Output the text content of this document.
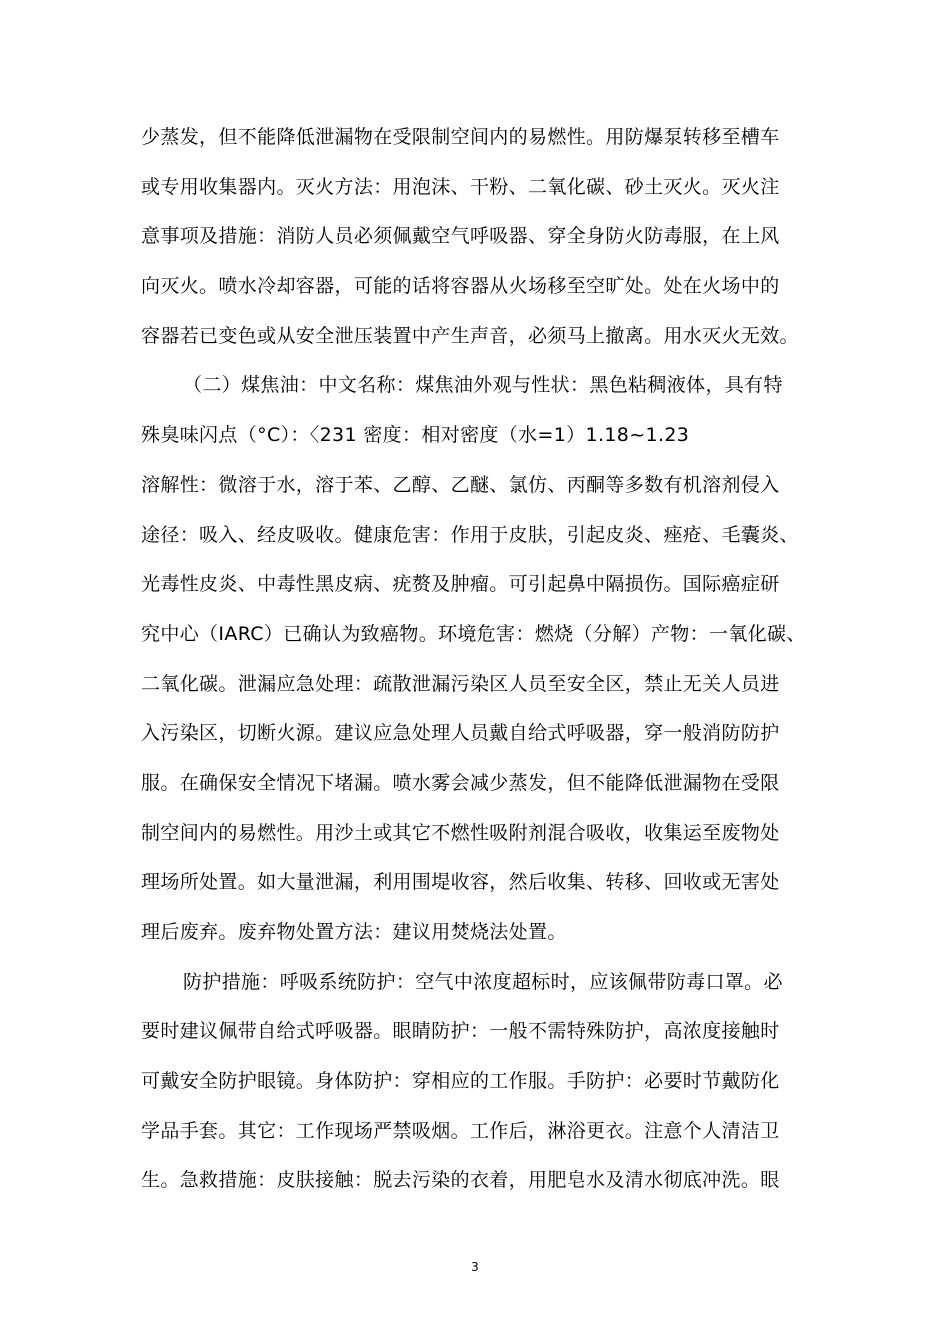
少蒸发，但不能降低泄漏物在受限制空间内的易燃性。用防爆泵转移至槽车
或专用收集器内。灭火方法：用泡沫、干粉、二氧化碳、砂土灭火。灭火注
意事项及措施：消防人员必须佩戴空气呼吸器、穿全身防火防毒服，在上风
向灭火。喷水冷却容器，可能的话将容器从火场移至空旷处。处在火场中的
容器若已变色或从安全泄压装置中产生声音，必须马上撤离。用水灭火无效。
（二）煤焦油：中文名称：煤焦油外观与性状：黑色粘稠液体，具有特
殊臭味闪点（°C）：〈231 密度：相对密度（水=1）1.18~1.23
溶解性：微溶于水，溶于苯、乙醇、乙醚、氯仿、丙酮等多数有机溶剂侵入
途径：吸入、经皮吸收。健康危害：作用于皮肤，引起皮炎、痤疮、毛囊炎、
光毒性皮炎、中毒性黑皮病、疣赘及肿瘤。可引起鼻中隔损伤。国际癌症研
究中心（IARC）已确认为致癌物。环境危害：燃烧（分解）产物：一氧化碳、
二氧化碳。泄漏应急处理：疏散泄漏污染区人员至安全区，禁止无关人员进
入污染区，切断火源。建议应急处理人员戴自给式呼吸器，穿一般消防防护
服。在确保安全情况下堵漏。喷水雾会减少蒸发，但不能降低泄漏物在受限
制空间内的易燃性。用沙土或其它不燃性吸附剂混合吸收，收集运至废物处
理场所处置。如大量泄漏，利用围堤收容，然后收集、转移、回收或无害处
理后废弃。废弃物处置方法：建议用焚烧法处置。
防护措施：呼吸系统防护：空气中浓度超标时，应该佩带防毒口罩。必
要时建议佩带自给式呼吸器。眼睛防护：一般不需特殊防护，高浓度接触时
可戴安全防护眼镜。身体防护：穿相应的工作服。手防护：必要时节戴防化
学品手套。其它：工作现场严禁吸烟。工作后，淋浴更衣。注意个人清洁卫
生。急救措施：皮肤接触：脱去污染的衣着，用肥皂水及清水彻底冲洗。眼
3
